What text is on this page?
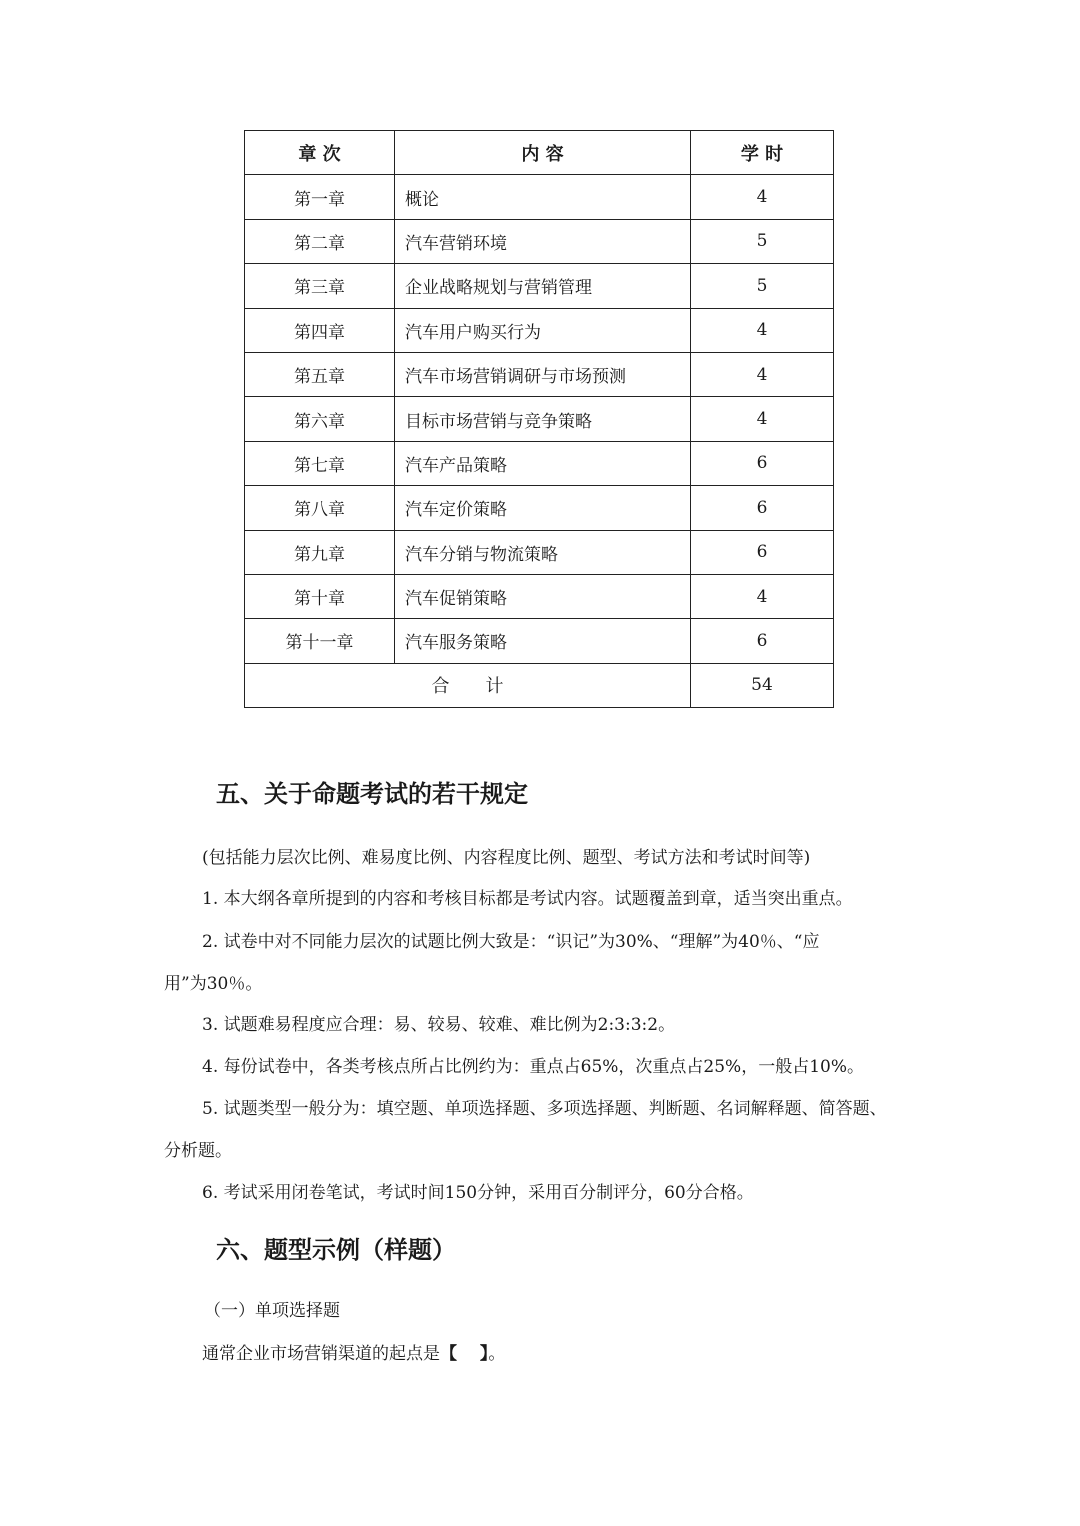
章 次	内 容	学 时
第一章	概论	4
第二章	汽车营销环境	5
第三章	企业战略规划与营销管理	5
第四章	汽车用户购买行为	4
第五章	汽车市场营销调研与市场预测	4
第六章	目标市场营销与竞争策略	4
第七章	汽车产品策略	6
第八章	汽车定价策略	6
第九章	汽车分销与物流策略	6
第十章	汽车促销策略	4
第十一章	汽车服务策略	6
合　　计		54
五、关于命题考试的若干规定

(包括能力层次比例、难易度比例、内容程度比例、题型、考试方法和考试时间等)

1. 本大纲各章所提到的内容和考核目标都是考试内容。试题覆盖到章，适当突出重点。

2. 试卷中对不同能力层次的试题比例大致是：“识记”为30%、“理解”为40％、“应

用”为30％。

3. 试题难易程度应合理：易、较易、较难、难比例为2:3:3:2。

4. 每份试卷中，各类考核点所占比例约为：重点占65%，次重点占25%，一般占10%。

5. 试题类型一般分为：填空题、单项选择题、多项选择题、判断题、名词解释题、简答题、

分析题。

6. 考试采用闭卷笔试，考试时间150分钟，采用百分制评分，60分合格。

六、题型示例（样题）

（一）单项选择题

通常企业市场营销渠道的起点是【　 】。
